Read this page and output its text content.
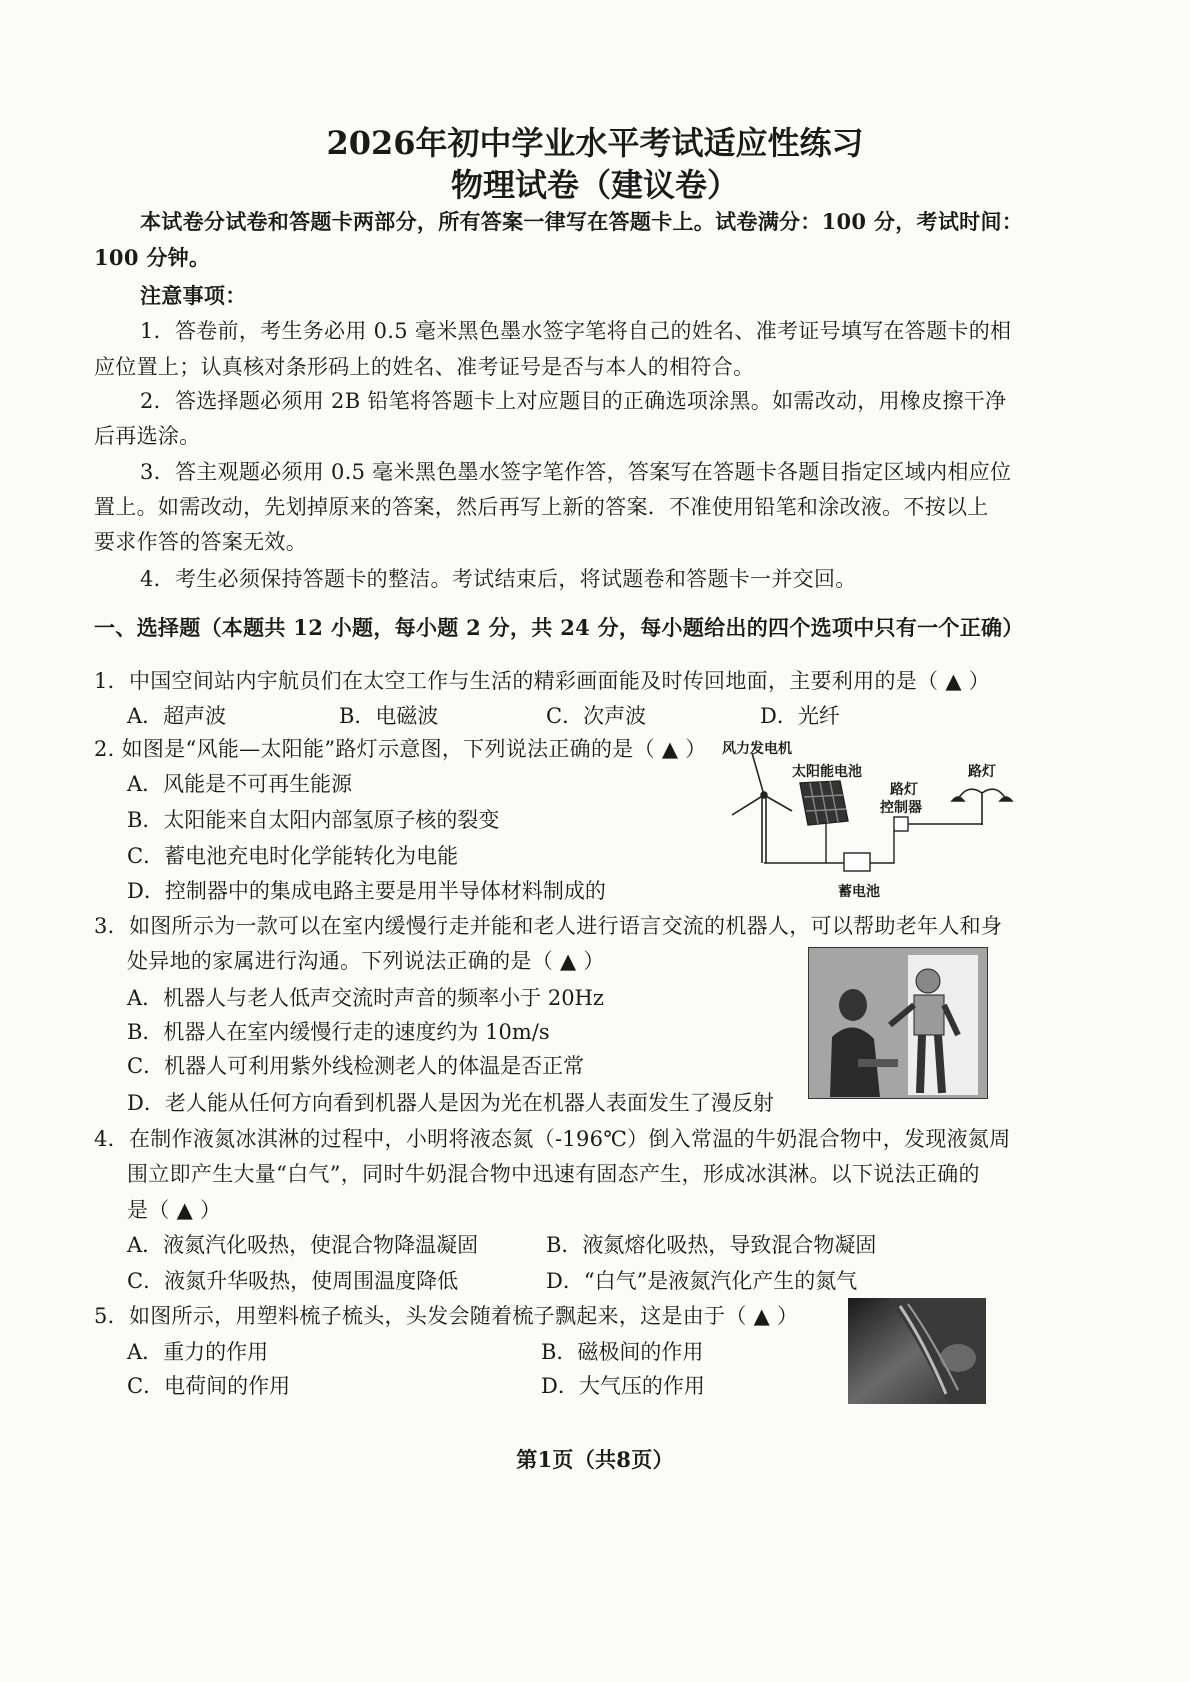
2026年初中学业水平考试适应性练习
物理试卷（建议卷）
本试卷分试卷和答题卡两部分，所有答案一律写在答题卡上。试卷满分：100 分，考试时间：
100 分钟。
注意事项：
1．答卷前，考生务必用 0.5 毫米黑色墨水签字笔将自己的姓名、准考证号填写在答题卡的相
应位置上；认真核对条形码上的姓名、准考证号是否与本人的相符合。
2．答选择题必须用 2B 铅笔将答题卡上对应题目的正确选项涂黑。如需改动，用橡皮擦干净
后再选涂。
3．答主观题必须用 0.5 毫米黑色墨水签字笔作答，答案写在答题卡各题目指定区域内相应位
置上。如需改动，先划掉原来的答案，然后再写上新的答案．不准使用铅笔和涂改液。不按以上
要求作答的答案无效。
4．考生必须保持答题卡的整洁。考试结束后，将试题卷和答题卡一并交回。
一、选择题（本题共 12 小题，每小题 2 分，共 24 分，每小题给出的四个选项中只有一个正确）
1．中国空间站内宇航员们在太空工作与生活的精彩画面能及时传回地面，主要利用的是（ ▲ ）
A．超声波	B．电磁波	C．次声波	D．光纤
2. 如图是“风能—太阳能”路灯示意图，下列说法正确的是（ ▲ ）
A．风能是不可再生能源
B．太阳能来自太阳内部氢原子核的裂变
C．蓄电池充电时化学能转化为电能
D．控制器中的集成电路主要是用半导体材料制成的
风力发电机
太阳能电池
路灯
控制器
路灯
蓄电池
3．如图所示为一款可以在室内缓慢行走并能和老人进行语言交流的机器人，可以帮助老年人和身
处异地的家属进行沟通。下列说法正确的是（ ▲ ）
A．机器人与老人低声交流时声音的频率小于 20Hz
B．机器人在室内缓慢行走的速度约为 10m/s
C．机器人可利用紫外线检测老人的体温是否正常
D．老人能从任何方向看到机器人是因为光在机器人表面发生了漫反射
4．在制作液氮冰淇淋的过程中，小明将液态氮（-196℃）倒入常温的牛奶混合物中，发现液氮周
围立即产生大量“白气”，同时牛奶混合物中迅速有固态产生，形成冰淇淋。以下说法正确的
是（ ▲ ）
A．液氮汽化吸热，使混合物降温凝固	B．液氮熔化吸热，导致混合物凝固
C．液氮升华吸热，使周围温度降低	D．“白气”是液氮汽化产生的氮气
5．如图所示，用塑料梳子梳头，头发会随着梳子飘起来，这是由于（ ▲ ）
A．重力的作用	B．磁极间的作用
C．电荷间的作用	D．大气压的作用
第1页（共8页）
